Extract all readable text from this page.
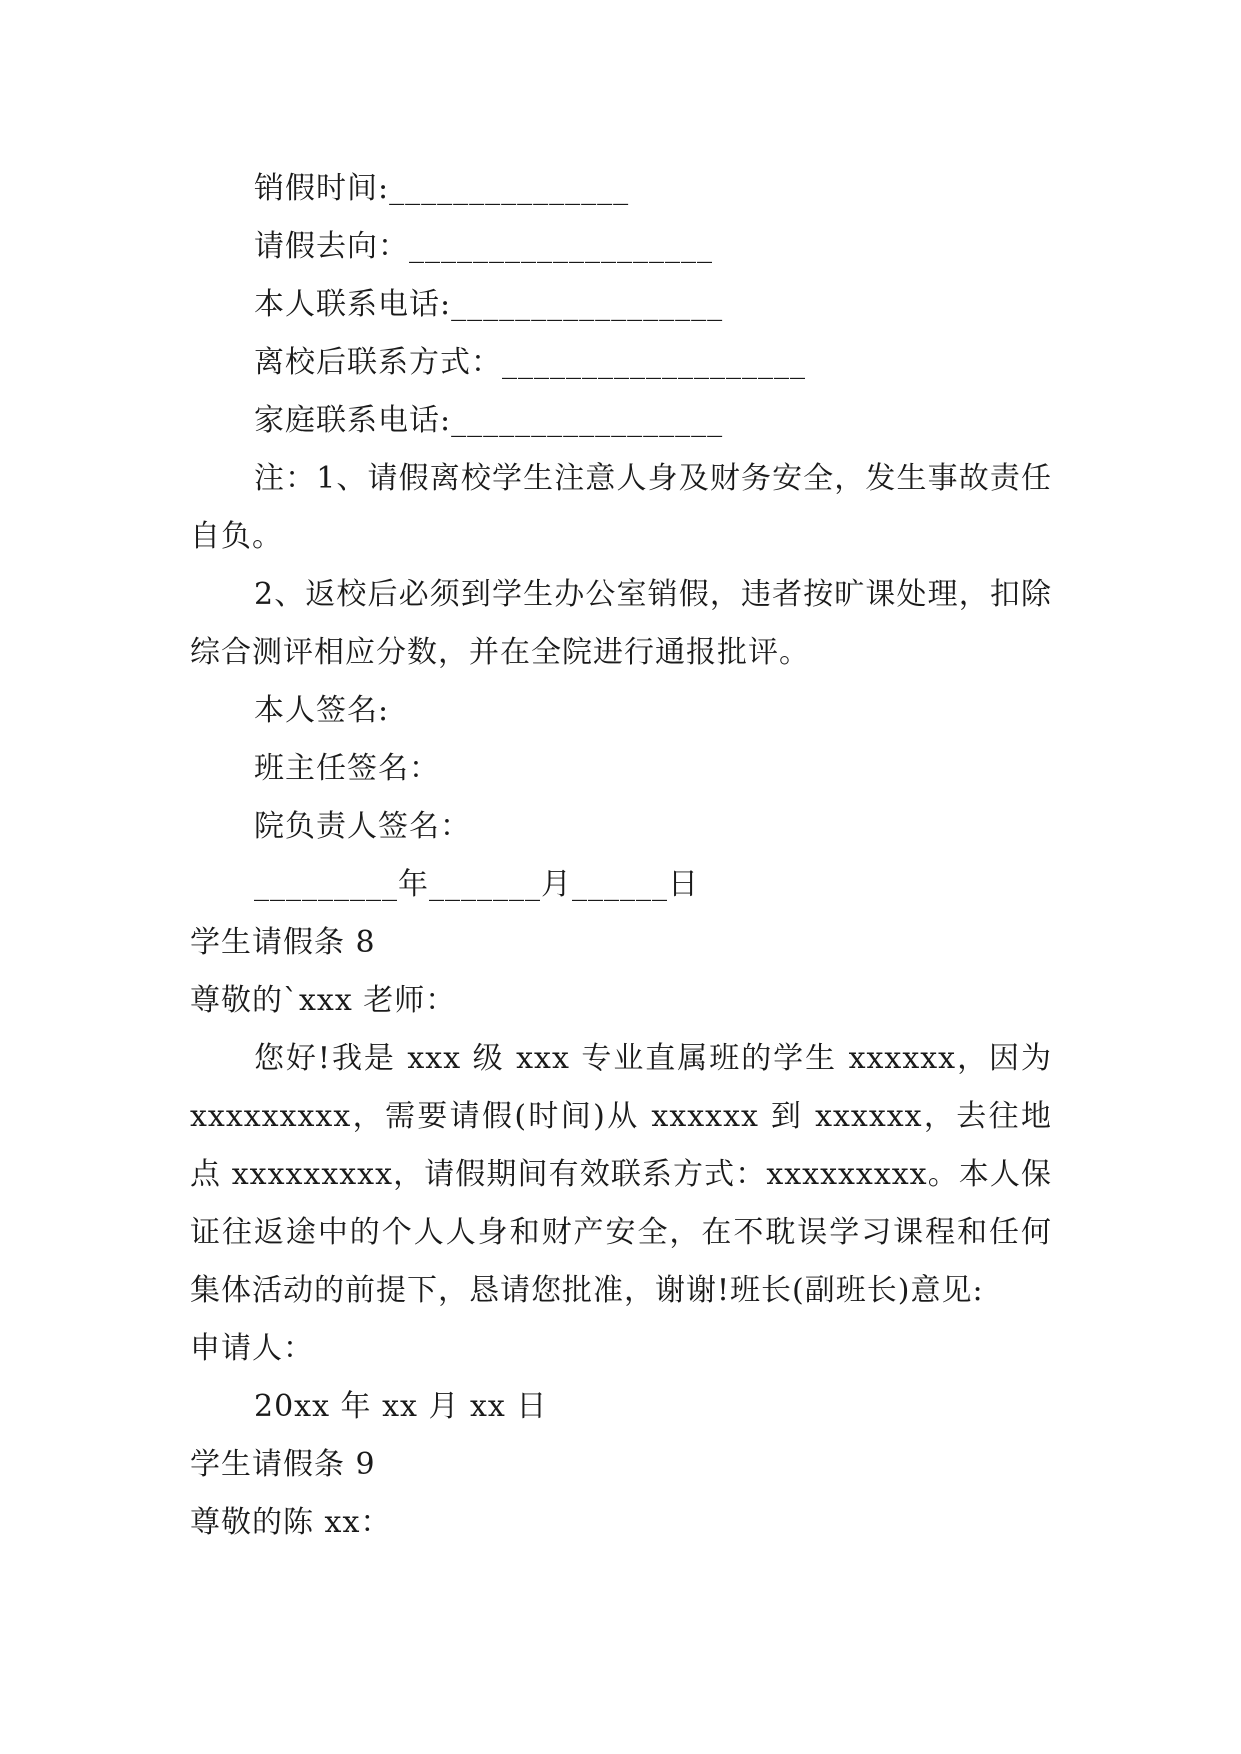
销假时间:_______________
请假去向：___________________
本人联系电话:_________________
离校后联系方式：___________________
家庭联系电话:_________________
注：1、请假离校学生注意人身及财务安全，发生事故责任自负。
2、返校后必须到学生办公室销假，违者按旷课处理，扣除综合测评相应分数，并在全院进行通报批评。
本人签名:
班主任签名：
院负责人签名：
_________年_______月______日
学生请假条 8
尊敬的`xxx 老师：
您好!我是 xxx 级 xxx 专业直属班的学生 xxxxxx，因为 xxxxxxxxx，需要请假(时间)从 xxxxxx 到 xxxxxx，去往地点 xxxxxxxxx，请假期间有效联系方式：xxxxxxxxx。本人保证往返途中的个人人身和财产安全，在不耽误学习课程和任何集体活动的前提下，恳请您批准，谢谢!班长(副班长)意见:
申请人：
20xx 年 xx 月 xx 日
学生请假条 9
尊敬的陈 xx：
